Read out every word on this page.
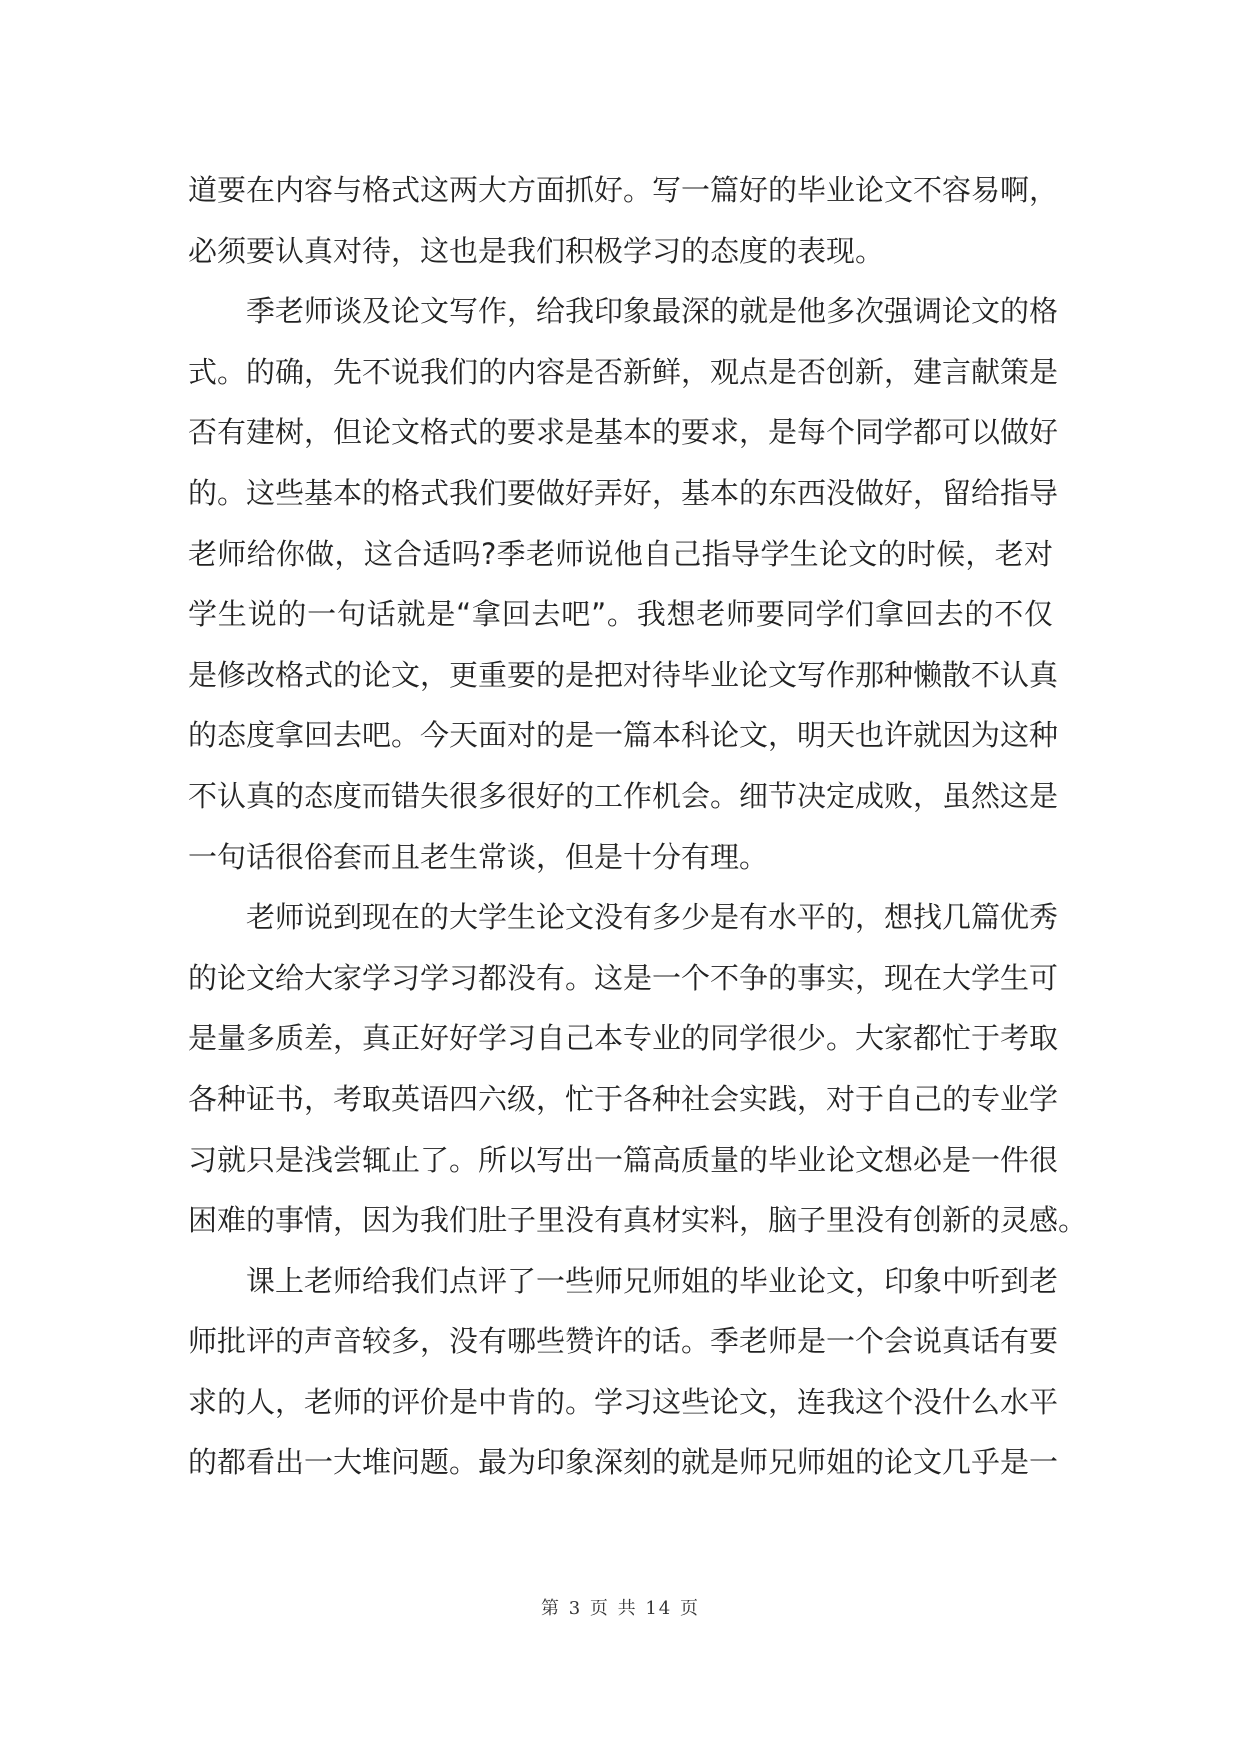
道要在内容与格式这两大方面抓好。写一篇好的毕业论文不容易啊，
必须要认真对待，这也是我们积极学习的态度的表现。
季老师谈及论文写作，给我印象最深的就是他多次强调论文的格
式。的确，先不说我们的内容是否新鲜，观点是否创新，建言献策是
否有建树，但论文格式的要求是基本的要求，是每个同学都可以做好
的。这些基本的格式我们要做好弄好，基本的东西没做好，留给指导
老师给你做，这合适吗?季老师说他自己指导学生论文的时候，老对
学生说的一句话就是“拿回去吧”。我想老师要同学们拿回去的不仅
是修改格式的论文，更重要的是把对待毕业论文写作那种懒散不认真
的态度拿回去吧。今天面对的是一篇本科论文，明天也许就因为这种
不认真的态度而错失很多很好的工作机会。细节决定成败，虽然这是
一句话很俗套而且老生常谈，但是十分有理。
老师说到现在的大学生论文没有多少是有水平的，想找几篇优秀
的论文给大家学习学习都没有。这是一个不争的事实，现在大学生可
是量多质差，真正好好学习自己本专业的同学很少。大家都忙于考取
各种证书，考取英语四六级，忙于各种社会实践，对于自己的专业学
习就只是浅尝辄止了。所以写出一篇高质量的毕业论文想必是一件很
困难的事情，因为我们肚子里没有真材实料，脑子里没有创新的灵感。
课上老师给我们点评了一些师兄师姐的毕业论文，印象中听到老
师批评的声音较多，没有哪些赞许的话。季老师是一个会说真话有要
求的人，老师的评价是中肯的。学习这些论文，连我这个没什么水平
的都看出一大堆问题。最为印象深刻的就是师兄师姐的论文几乎是一
第 3 页 共 14 页
